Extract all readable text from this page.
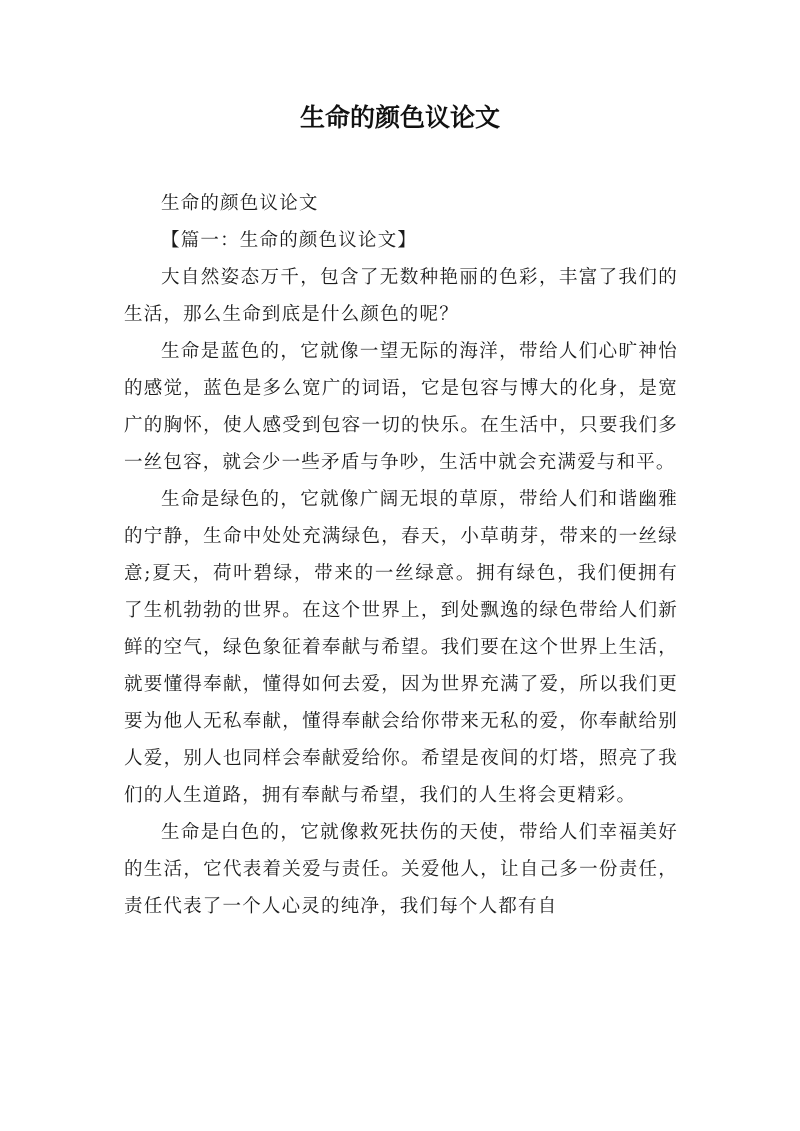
生命的颜色议论文

生命的颜色议论文

【篇一：生命的颜色议论文】

大自然姿态万千，包含了无数种艳丽的色彩，丰富了我们的生活，那么生命到底是什么颜色的呢？

生命是蓝色的，它就像一望无际的海洋，带给人们心旷神怡的感觉，蓝色是多么宽广的词语，它是包容与博大的化身，是宽广的胸怀，使人感受到包容一切的快乐。在生活中，只要我们多一丝包容，就会少一些矛盾与争吵，生活中就会充满爱与和平。

生命是绿色的，它就像广阔无垠的草原，带给人们和谐幽雅的宁静，生命中处处充满绿色，春天，小草萌芽，带来的一丝绿意;夏天，荷叶碧绿，带来的一丝绿意。拥有绿色，我们便拥有了生机勃勃的世界。在这个世界上，到处飘逸的绿色带给人们新鲜的空气，绿色象征着奉献与希望。我们要在这个世界上生活，就要懂得奉献，懂得如何去爱，因为世界充满了爱，所以我们更要为他人无私奉献，懂得奉献会给你带来无私的爱，你奉献给别人爱，别人也同样会奉献爱给你。希望是夜间的灯塔，照亮了我们的人生道路，拥有奉献与希望，我们的人生将会更精彩。

生命是白色的，它就像救死扶伤的天使，带给人们幸福美好的生活，它代表着关爱与责任。关爱他人，让自己多一份责任，责任代表了一个人心灵的纯净，我们每个人都有自
